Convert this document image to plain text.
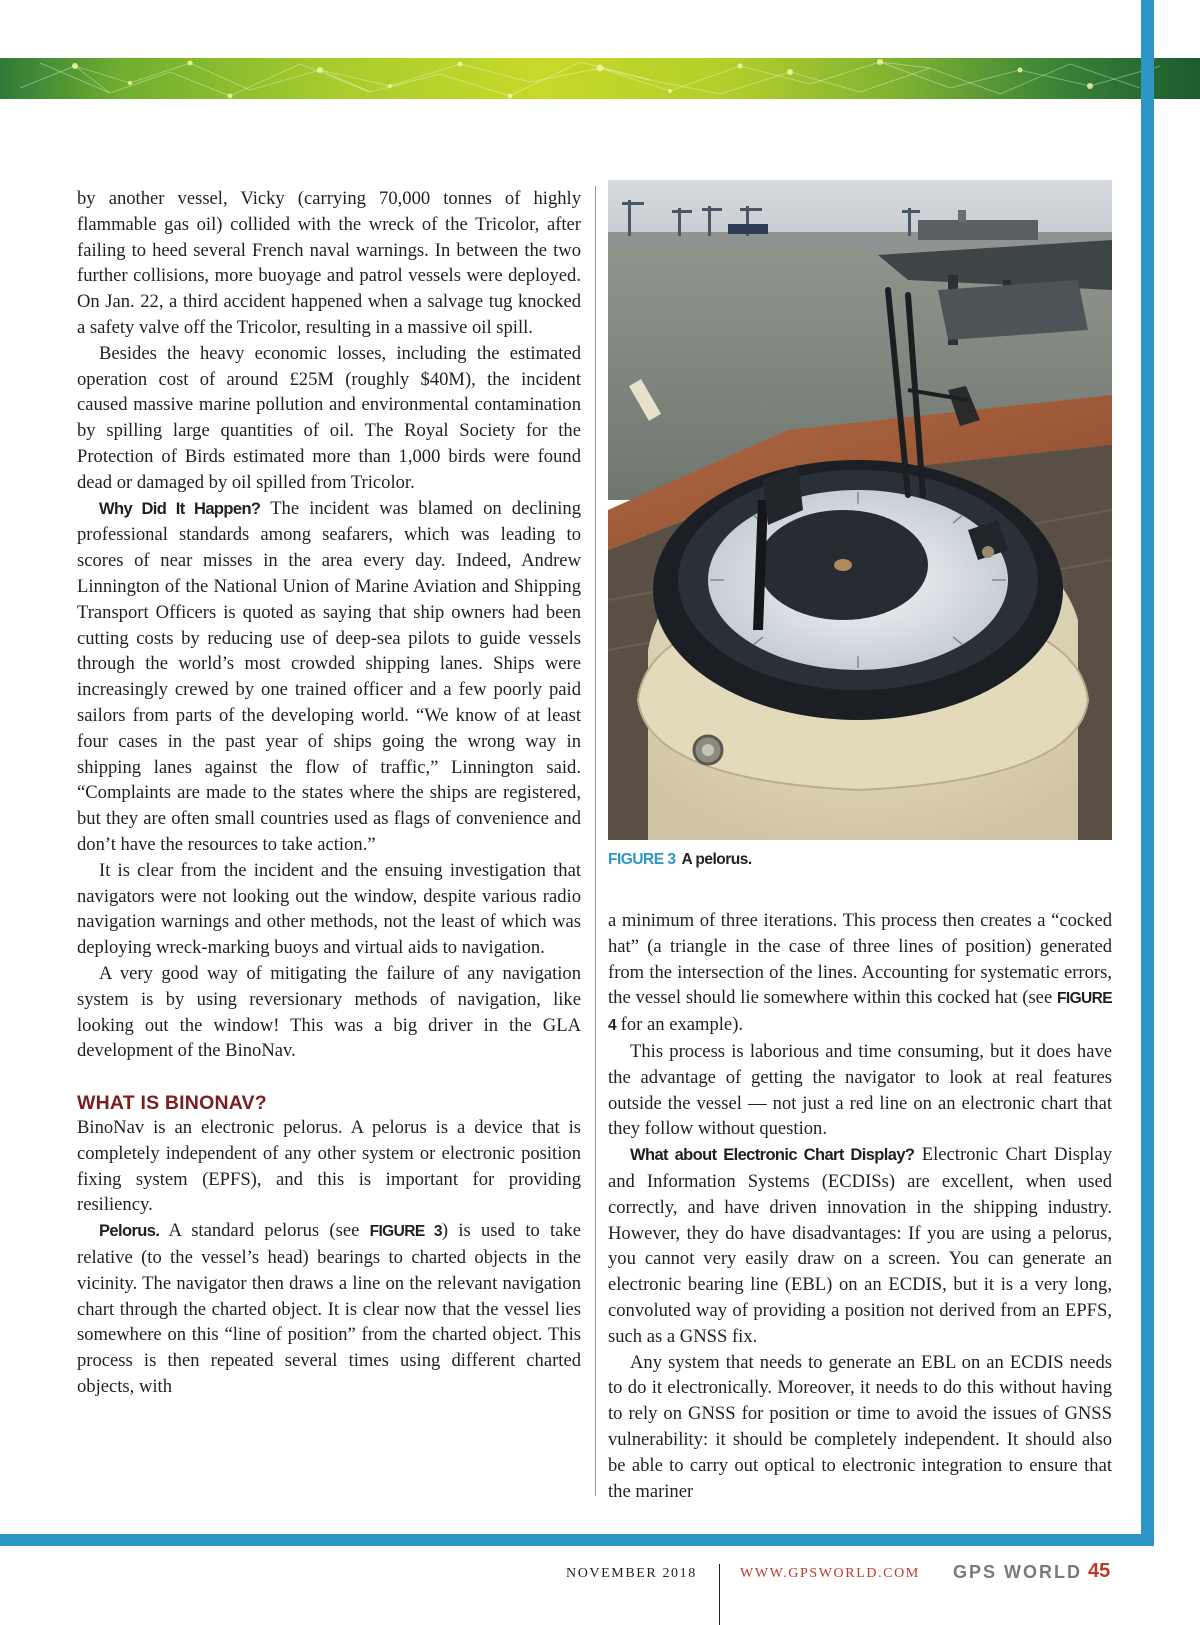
by another vessel, Vicky (carrying 70,000 tonnes of highly flammable gas oil) collided with the wreck of the Tricolor, after failing to heed several French naval warnings. In between the two further collisions, more buoyage and patrol vessels were deployed. On Jan. 22, a third accident happened when a salvage tug knocked a safety valve off the Tricolor, resulting in a massive oil spill.

Besides the heavy economic losses, including the estimated operation cost of around £25M (roughly $40M), the incident caused massive marine pollution and environmental contamination by spilling large quantities of oil. The Royal Society for the Protection of Birds estimated more than 1,000 birds were found dead or damaged by oil spilled from Tricolor.

Why Did It Happen? The incident was blamed on declining professional standards among seafarers, which was leading to scores of near misses in the area every day. Indeed, Andrew Linnington of the National Union of Marine Aviation and Shipping Transport Officers is quoted as saying that ship owners had been cutting costs by reducing use of deep-sea pilots to guide vessels through the world’s most crowded shipping lanes. Ships were increasingly crewed by one trained officer and a few poorly paid sailors from parts of the developing world. “We know of at least four cases in the past year of ships going the wrong way in shipping lanes against the flow of traffic,” Linnington said. “Complaints are made to the states where the ships are registered, but they are often small countries used as flags of convenience and don’t have the resources to take action.”

It is clear from the incident and the ensuing investigation that navigators were not looking out the window, despite various radio navigation warnings and other methods, not the least of which was deploying wreck-marking buoys and virtual aids to navigation.

A very good way of mitigating the failure of any navigation system is by using reversionary methods of navigation, like looking out the window! This was a big driver in the GLA development of the BinoNav.

WHAT IS BINONAV?

BinoNav is an electronic pelorus. A pelorus is a device that is completely independent of any other system or electronic position fixing system (EPFS), and this is important for providing resiliency.

Pelorus. A standard pelorus (see FIGURE 3) is used to take relative (to the vessel’s head) bearings to charted objects in the vicinity. The navigator then draws a line on the relevant navigation chart through the charted object. It is clear now that the vessel lies somewhere on this “line of position” from the charted object. This process is then repeated several times using different charted objects, with

FIGURE 3 A pelorus.

a minimum of three iterations. This process then creates a “cocked hat” (a triangle in the case of three lines of position) generated from the intersection of the lines. Accounting for systematic errors, the vessel should lie somewhere within this cocked hat (see FIGURE 4 for an example).

This process is laborious and time consuming, but it does have the advantage of getting the navigator to look at real features outside the vessel — not just a red line on an electronic chart that they follow without question.

What about Electronic Chart Display? Electronic Chart Display and Information Systems (ECDISs) are excellent, when used correctly, and have driven innovation in the shipping industry. However, they do have disadvantages: If you are using a pelorus, you cannot very easily draw on a screen. You can generate an electronic bearing line (EBL) on an ECDIS, but it is a very long, convoluted way of providing a position not derived from an EPFS, such as a GNSS fix.

Any system that needs to generate an EBL on an ECDIS needs to do it electronically. Moreover, it needs to do this without having to rely on GNSS for position or time to avoid the issues of GNSS vulnerability: it should be completely independent. It should also be able to carry out optical to electronic integration to ensure that the mariner

NOVEMBER 2018	WWW.GPSWORLD.COM GPS WORLD 45
